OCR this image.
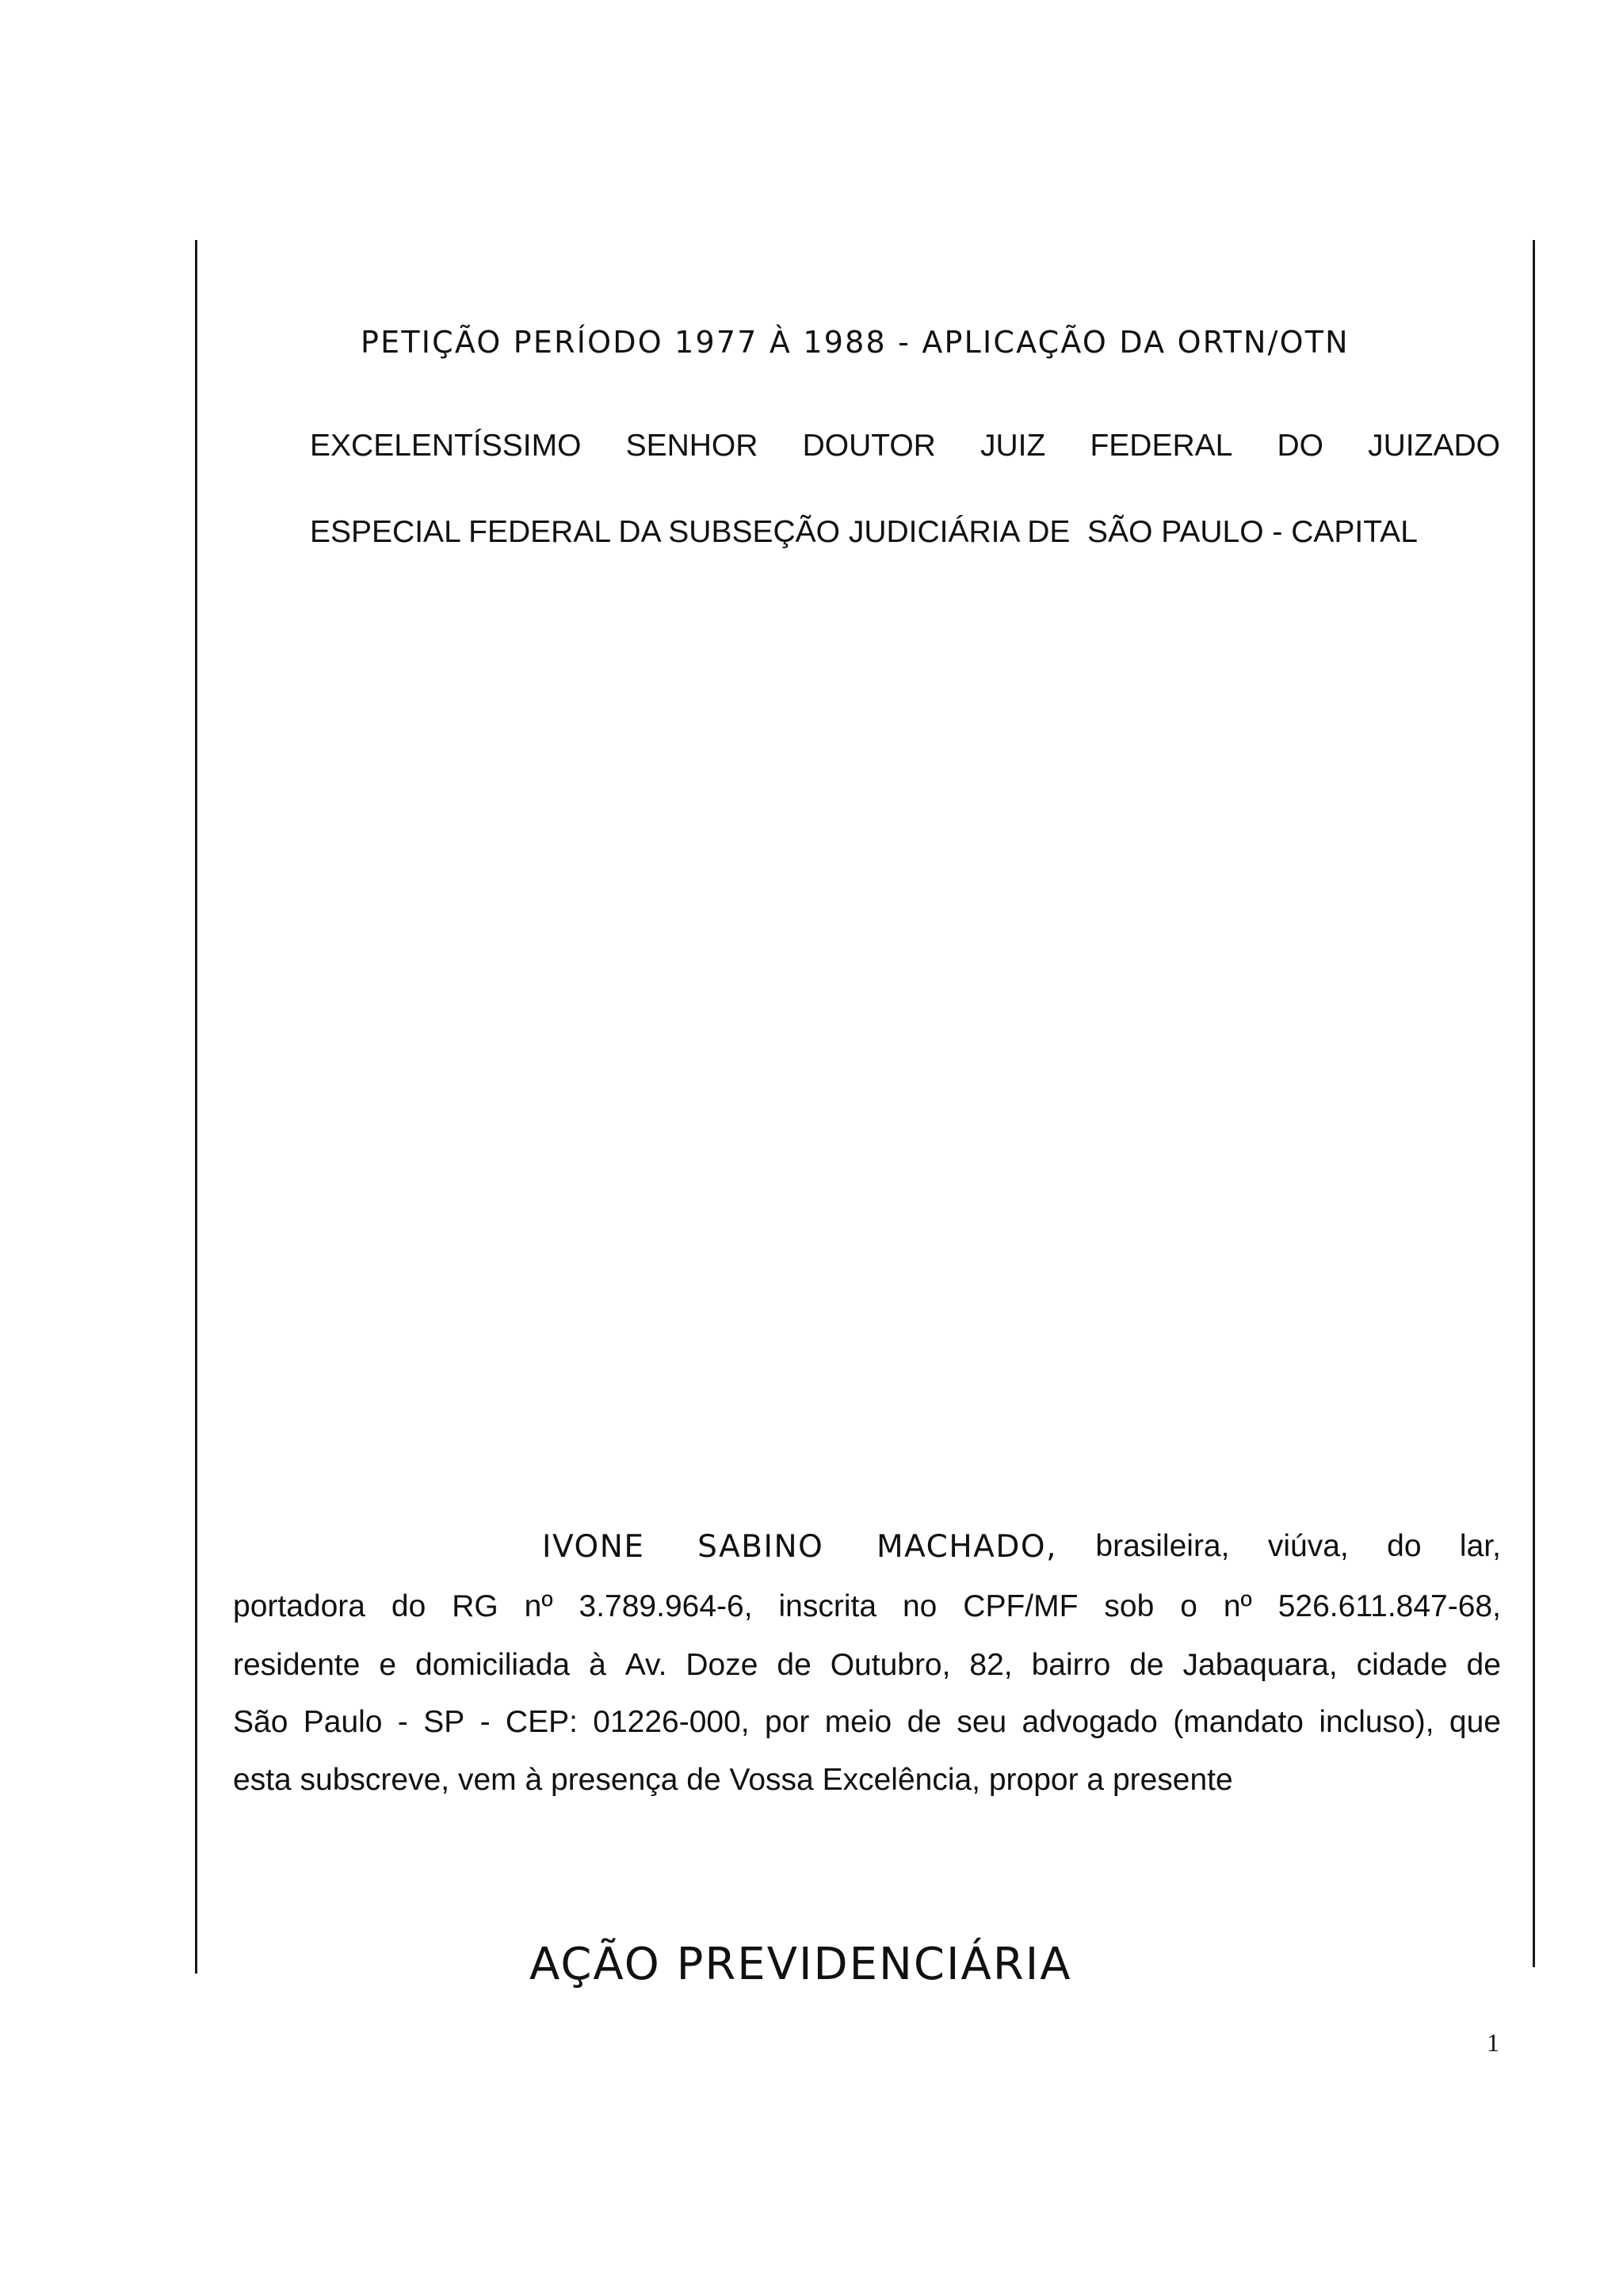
PETIÇÃO PERÍODO 1977 À 1988 - APLICAÇÃO DA ORTN/OTN
EXCELENTÍSSIMO SENHOR DOUTOR JUIZ FEDERAL DO JUIZADO
ESPECIAL FEDERAL DA SUBSEÇÃO JUDICIÁRIA DE  SÃO PAULO - CAPITAL
IVONE SABINO MACHADO, brasileira, viúva, do lar,
portadora do RG nº 3.789.964-6, inscrita no CPF/MF sob o nº 526.611.847-68,
residente e domiciliada à Av. Doze de Outubro, 82, bairro de Jabaquara, cidade de
São Paulo - SP - CEP: 01226-000, por meio de seu advogado (mandato incluso), que
esta subscreve, vem à presença de Vossa Excelência, propor a presente
AÇÃO PREVIDENCIÁRIA
1
